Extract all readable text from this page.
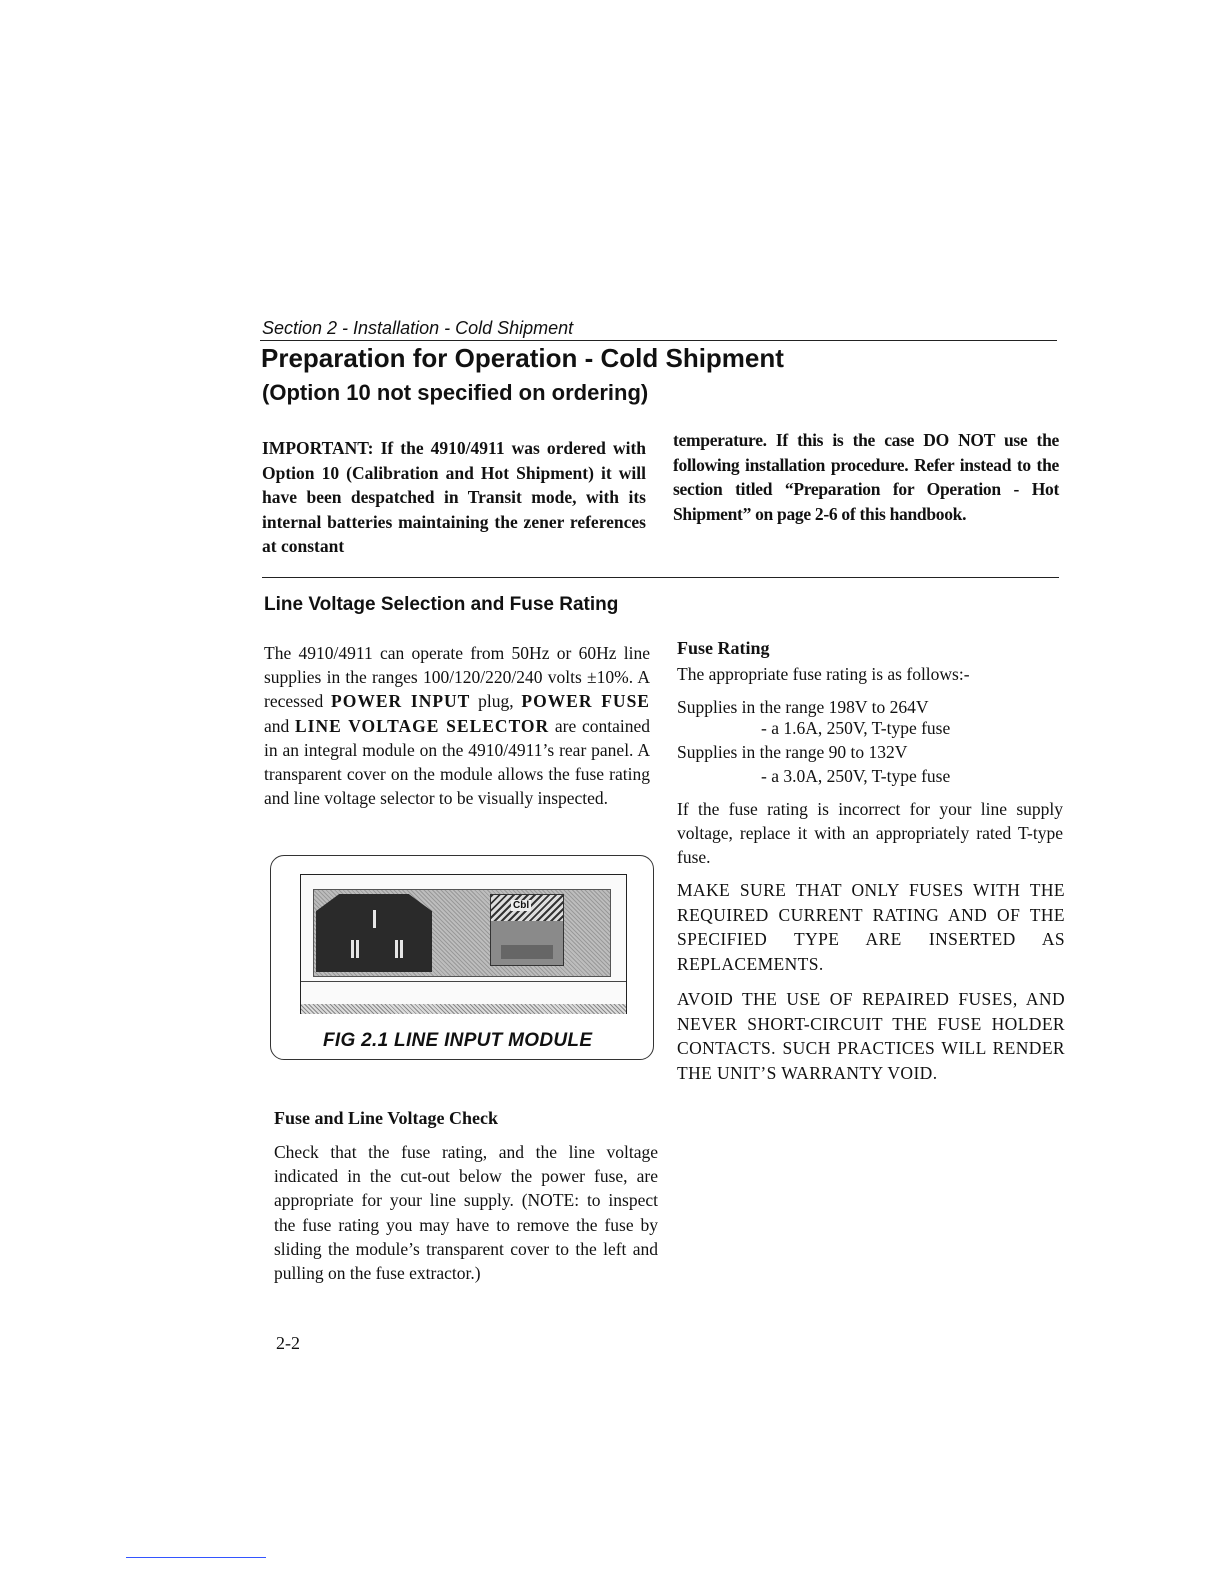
Section 2 - Installation - Cold Shipment
Preparation for Operation - Cold Shipment
(Option 10 not specified on ordering)
IMPORTANT: If the 4910/4911 was ordered with Option 10 (Calibration and Hot Shipment) it will have been despatched in Transit mode, with its internal batteries maintaining the zener references at constant
temperature. If this is the case DO NOT use the following installation procedure. Refer instead to the section titled “Preparation for Operation - Hot Shipment” on page 2-6 of this handbook.
Line Voltage Selection and Fuse Rating
The 4910/4911 can operate from 50Hz or 60Hz line supplies in the ranges 100/120/220/240 volts ±10%. A recessed POWER INPUT plug, POWER FUSE and LINE VOLTAGE SELECTOR are contained in an integral module on the 4910/4911’s rear panel. A transparent cover on the module allows the fuse rating and line voltage selector to be visually inspected.
Cbl
FIG 2.1 LINE INPUT MODULE
Fuse and Line Voltage Check
Check that the fuse rating, and the line voltage indicated in the cut-out below the power fuse, are appropriate for your line supply. (NOTE: to inspect the fuse rating you may have to remove the fuse by sliding the module’s transparent cover to the left and pulling on the fuse extractor.)
2-2
Fuse Rating
The appropriate fuse rating is as follows:-
Supplies in the range 198V to 264V
- a 1.6A, 250V, T-type fuse
Supplies in the range 90 to 132V
- a 3.0A, 250V, T-type fuse
If the fuse rating is incorrect for your line supply voltage, replace it with an appropriately rated T-type fuse.
MAKE SURE THAT ONLY FUSES WITH THE REQUIRED CURRENT RATING AND OF THE SPECIFIED TYPE ARE INSERTED AS REPLACEMENTS.
AVOID THE USE OF REPAIRED FUSES, AND NEVER SHORT-CIRCUIT THE FUSE HOLDER CONTACTS. SUCH PRACTICES WILL RENDER THE UNIT’S WARRANTY VOID.
